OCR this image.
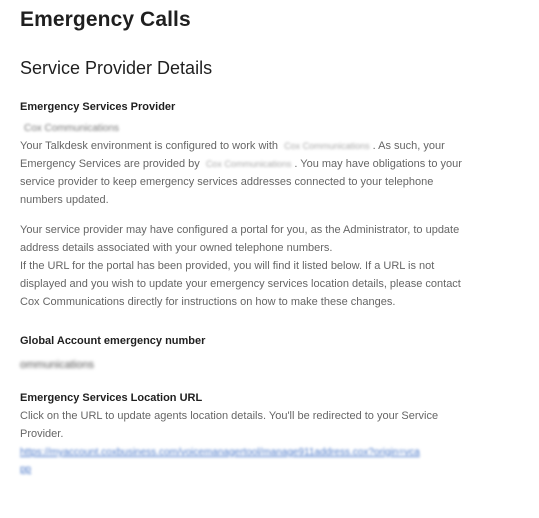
Emergency Calls
Service Provider Details
Emergency Services Provider
Cox Communications
Your Talkdesk environment is configured to work with Cox Communications . As such, your Emergency Services are provided by Cox Communications . You may have obligations to your service provider to keep emergency services addresses connected to your telephone numbers updated.
Your service provider may have configured a portal for you, as the Administrator, to update address details associated with your owned telephone numbers.
If the URL for the portal has been provided, you will find it listed below. If a URL is not displayed and you wish to update your emergency services location details, please contact Cox Communications directly for instructions on how to make these changes.
Global Account emergency number
ommunications
Emergency Services Location URL
Click on the URL to update agents location details. You'll be redirected to your Service Provider.
https://myaccount.coxbusiness.com/voicemanagertool/manage911address.cox?origin=vcapp
